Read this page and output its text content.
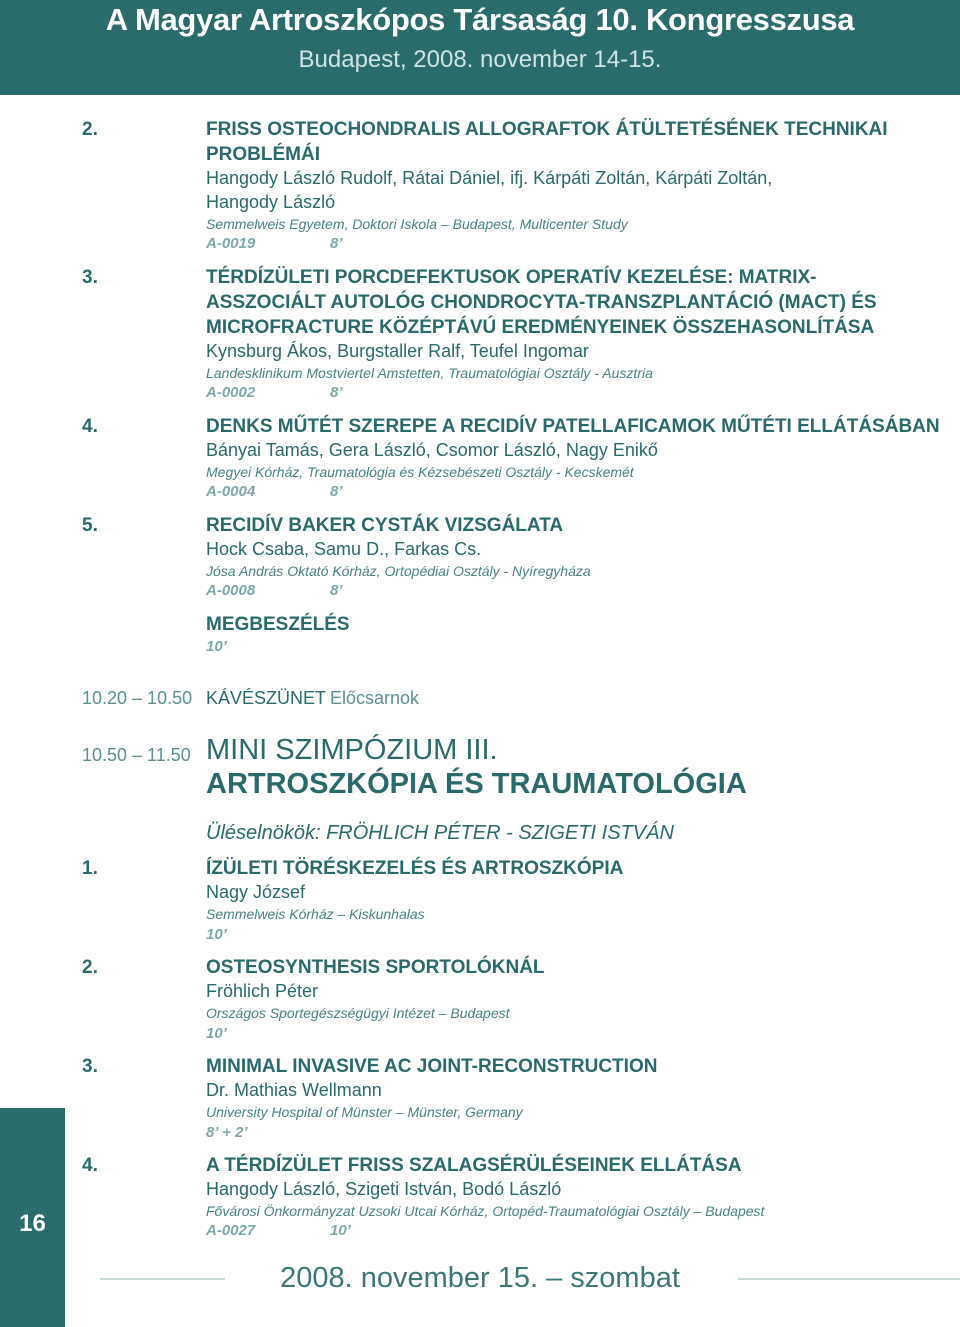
A Magyar Artroszkópos Társaság 10. Kongresszusa
Budapest, 2008. november 14-15.
2.	FRISS OSTEOCHONDRALIS ALLOGRAFTOK ÁTÜLTETÉSÉNEK TECHNIKAI
PROBLÉMÁI
Hangody László Rudolf, Rátai Dániel, ifj. Kárpáti Zoltán, Kárpáti Zoltán,
Hangody László
Semmelweis Egyetem, Doktori Iskola – Budapest, Multicenter Study
A-0019	8’
3.	TÉRDÍZÜLETI PORCDEFEKTUSOK OPERATÍV KEZELÉSE: MATRIX-
ASSZOCIÁLT AUTOLÓG CHONDROCYTA-TRANSZPLANTÁCIÓ (MACT) ÉS
MICROFRACTURE KÖZÉPTÁVÚ EREDMÉNYEINEK ÖSSZEHASONLÍTÁSA
Kynsburg Ákos, Burgstaller Ralf, Teufel Ingomar
Landesklinikum Mostviertel Amstetten, Traumatológiai Osztály - Ausztria
A-0002	8’
4.	DENKS MŰTÉT SZEREPE A RECIDÍV PATELLAFICAMOK MŰTÉTI ELLÁTÁSÁBAN
Bányai Tamás, Gera László, Csomor László, Nagy Enikő
Megyei Kórház, Traumatológia és Kézsebészeti Osztály - Kecskemét
A-0004	8’
5.	RECIDÍV BAKER CYSTÁK VIZSGÁLATA
Hock Csaba, Samu D., Farkas Cs.
Jósa András Oktató Kórház, Ortopédiai Osztály - Nyíregyháza
A-0008	8’
MEGBESZÉLÉS
10’
10.20 – 10.50 KÁVÉSZÜNET Előcsarnok
10.50 – 11.50 MINI SZIMPÓZIUM III.
ARTROSZKÓPIA ÉS TRAUMATOLÓGIA
Üléselnökök: FRÖHLICH PÉTER - SZIGETI ISTVÁN
1.	ÍZÜLETI TÖRÉSKEZELÉS ÉS ARTROSZKÓPIA
Nagy József
Semmelweis Kórház – Kiskunhalas
10’
2.	OSTEOSYNTHESIS SPORTOLÓKNÁL
Fröhlich Péter
Országos Sportegészségügyi Intézet – Budapest
10’
3.	MINIMAL INVASIVE AC JOINT-RECONSTRUCTION
Dr. Mathias Wellmann
University Hospital of Münster – Münster, Germany
8’ + 2’
4.	A TÉRDÍZÜLET FRISS SZALAGSÉRÜLÉSEINEK ELLÁTÁSA
Hangody László, Szigeti István, Bodó László
Fővárosi Önkormányzat Uzsoki Utcai Kórház, Ortopéd-Traumatológiai Osztály – Budapest
A-0027	10’
16
2008. november 15. – szombat
